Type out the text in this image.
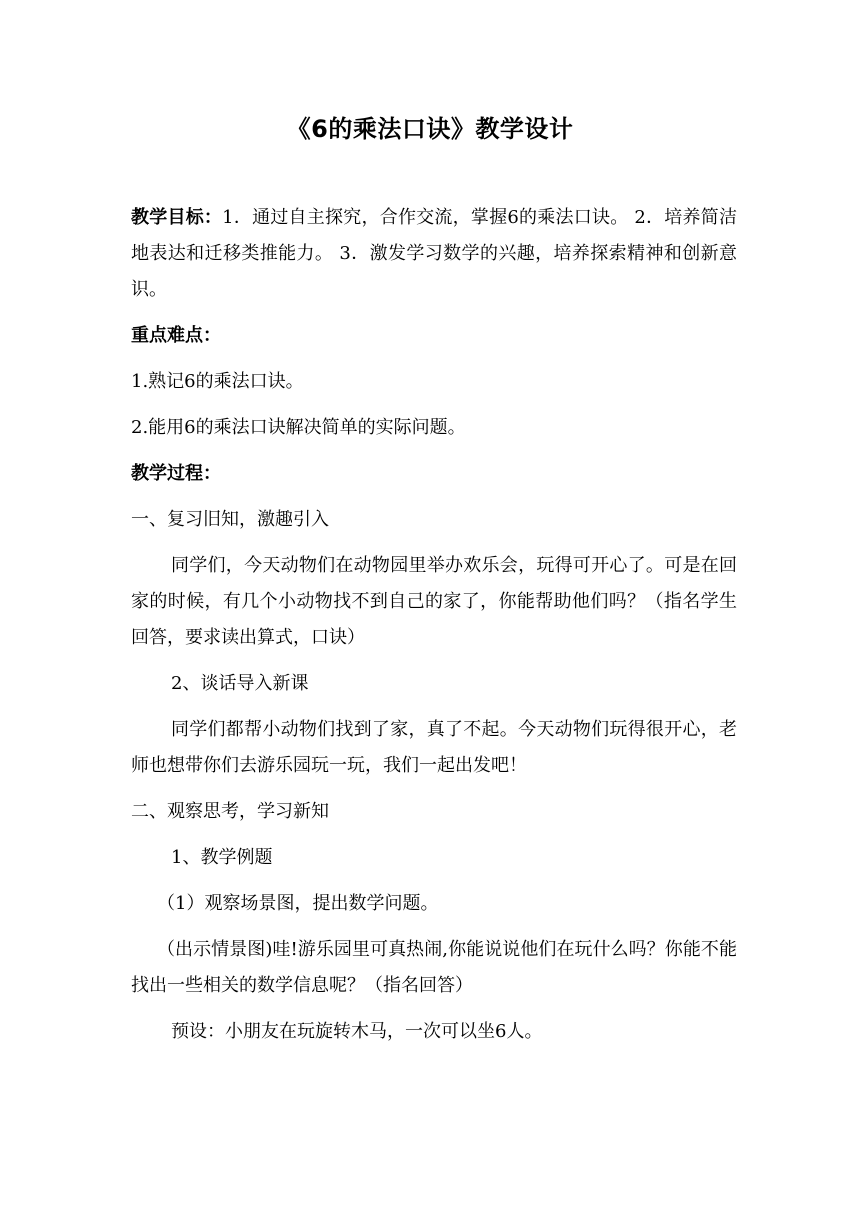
《6的乘法口诀》教学设计

教学目标：1．通过自主探究，合作交流，掌握6的乘法口诀。 2．培养简洁地表达和迁移类推能力。 3．激发学习数学的兴趣，培养探索精神和创新意识。

重点难点：

1.熟记6的乘法口诀。

2.能用6的乘法口诀解决简单的实际问题。

教学过程：

一、复习旧知，激趣引入

同学们，今天动物们在动物园里举办欢乐会，玩得可开心了。可是在回家的时候，有几个小动物找不到自己的家了，你能帮助他们吗？（指名学生回答，要求读出算式，口诀）

2、谈话导入新课

同学们都帮小动物们找到了家，真了不起。今天动物们玩得很开心，老师也想带你们去游乐园玩一玩，我们一起出发吧！

二、观察思考，学习新知

1、教学例题

（1）观察场景图，提出数学问题。

（出示情景图)哇!游乐园里可真热闹,你能说说他们在玩什么吗？你能不能找出一些相关的数学信息呢？（指名回答）

预设：小朋友在玩旋转木马，一次可以坐6人。
